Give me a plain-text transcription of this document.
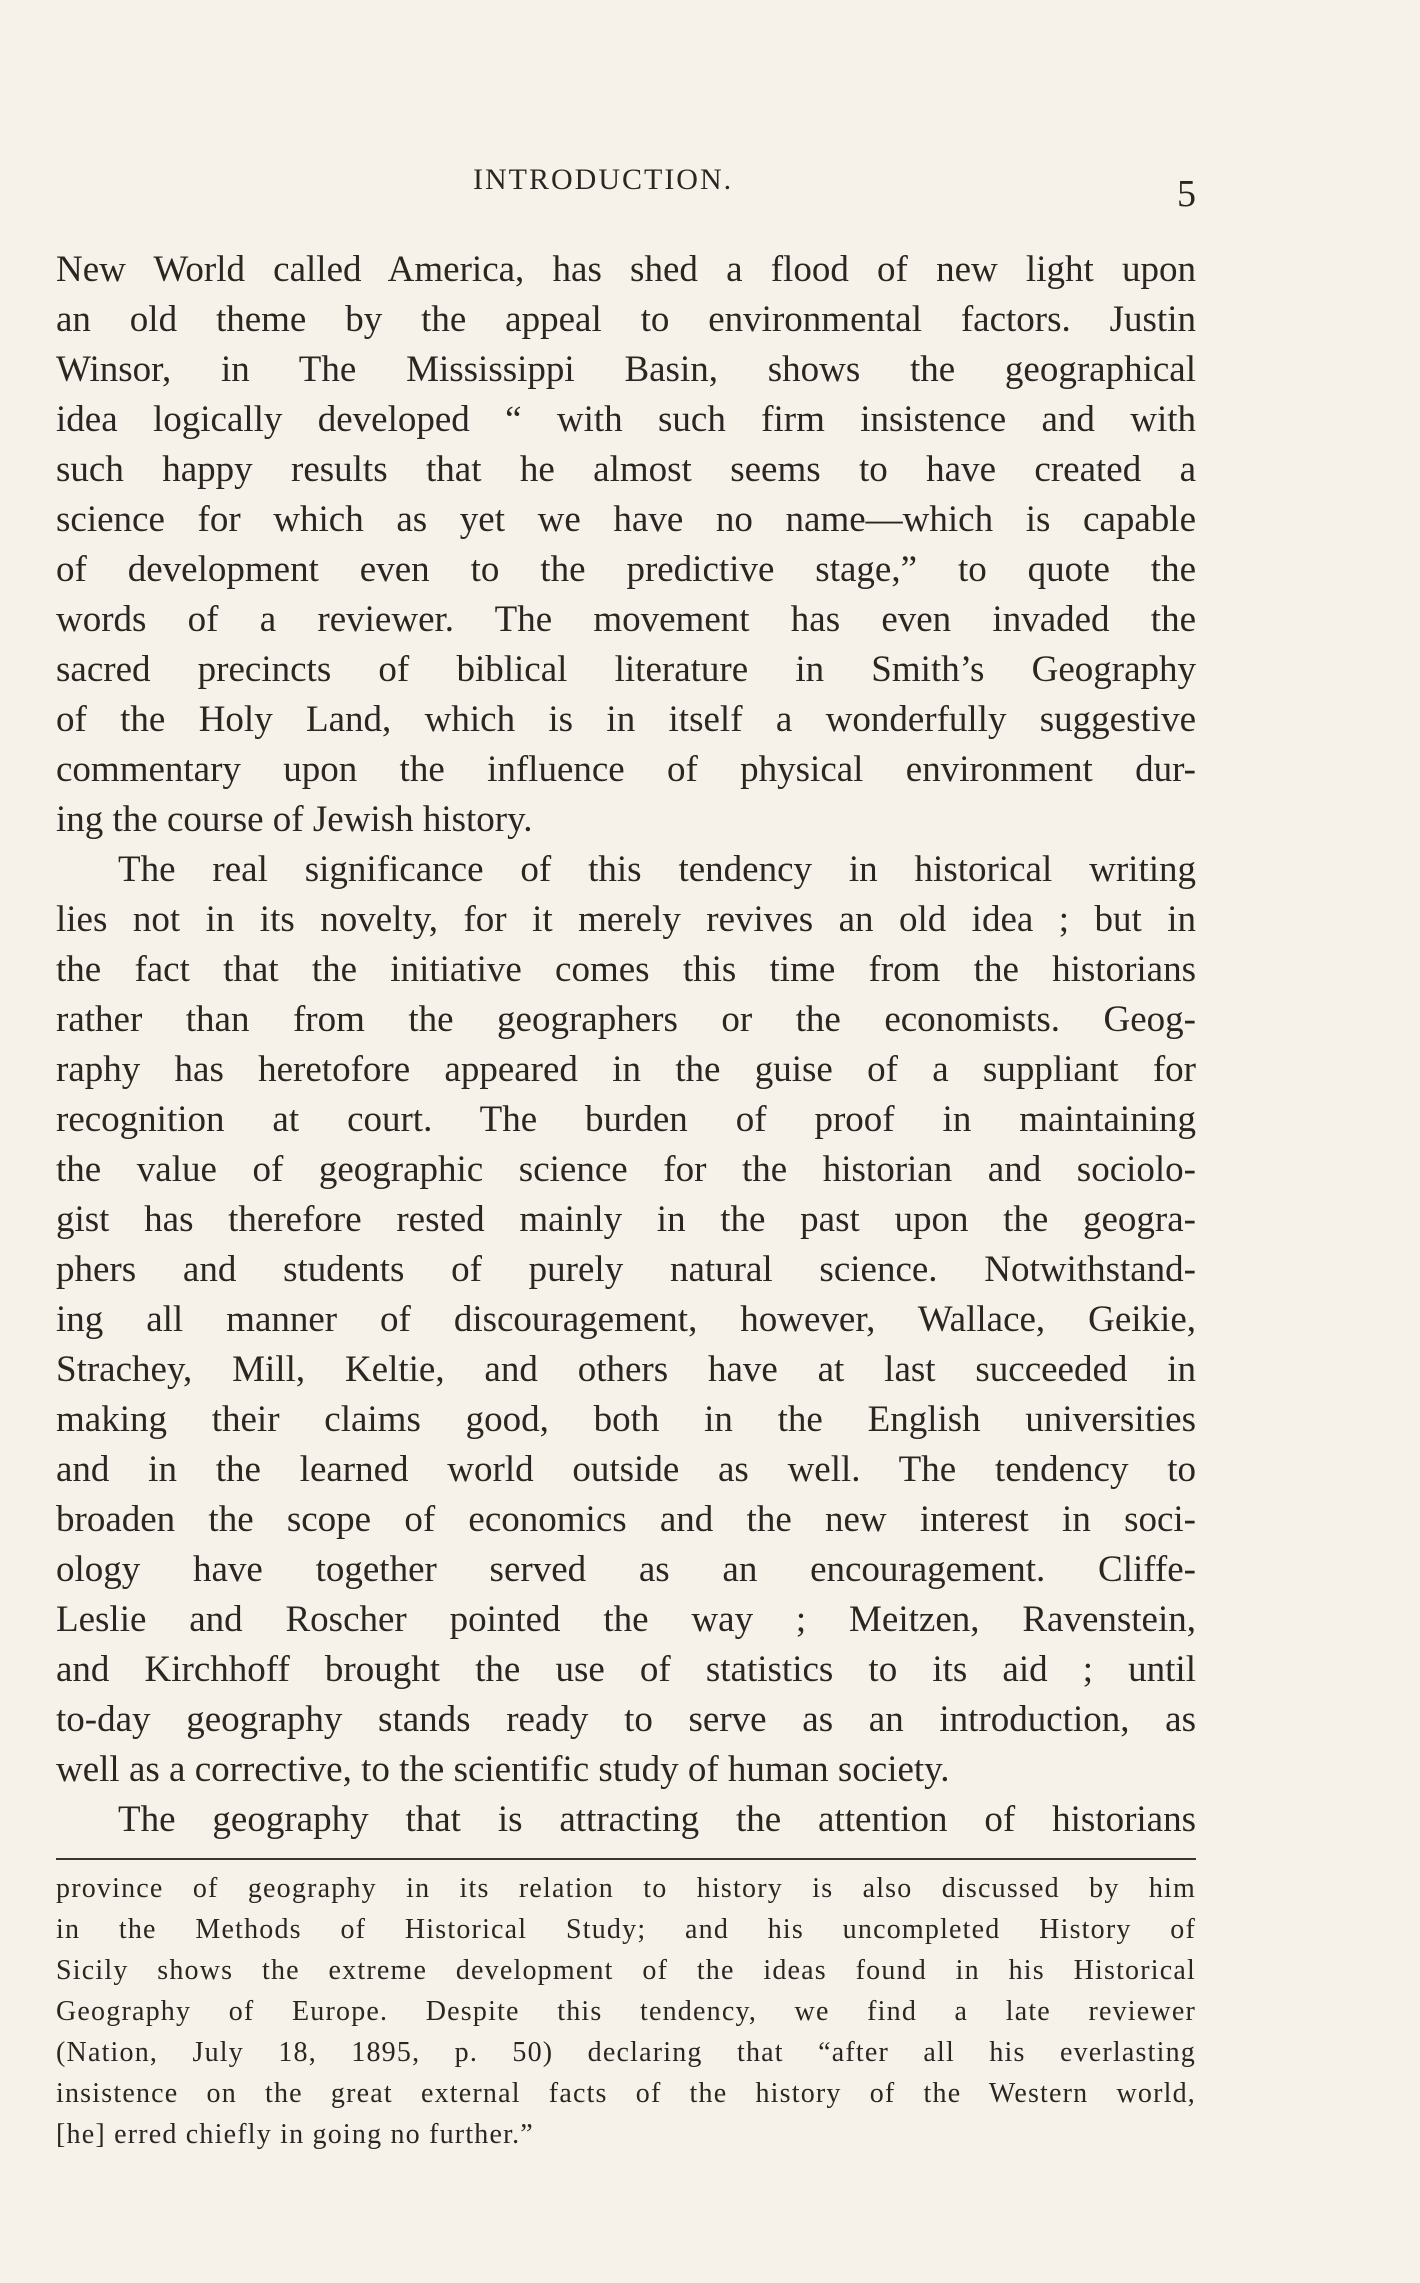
INTRODUCTION.	5
New World called America, has shed a flood of new light upon
an old theme by the appeal to environmental factors. Justin
Winsor, in The Mississippi Basin, shows the geographical
idea logically developed “ with such firm insistence and with
such happy results that he almost seems to have created a
science for which as yet we have no name—which is capable
of development even to the predictive stage,” to quote the
words of a reviewer. The movement has even invaded the
sacred precincts of biblical literature in Smith’s Geography
of the Holy Land, which is in itself a wonderfully suggestive
commentary upon the influence of physical environment dur-
ing the course of Jewish history.
The real significance of this tendency in historical writing
lies not in its novelty, for it merely revives an old idea ; but in
the fact that the initiative comes this time from the historians
rather than from the geographers or the economists. Geog-
raphy has heretofore appeared in the guise of a suppliant for
recognition at court. The burden of proof in maintaining
the value of geographic science for the historian and sociolo-
gist has therefore rested mainly in the past upon the geogra-
phers and students of purely natural science. Notwithstand-
ing all manner of discouragement, however, Wallace, Geikie,
Strachey, Mill, Keltie, and others have at last succeeded in
making their claims good, both in the English universities
and in the learned world outside as well. The tendency to
broaden the scope of economics and the new interest in soci-
ology have together served as an encouragement. Cliffe-
Leslie and Roscher pointed the way ; Meitzen, Ravenstein,
and Kirchhoff brought the use of statistics to its aid ; until
to-day geography stands ready to serve as an introduction, as
well as a corrective, to the scientific study of human society.
The geography that is attracting the attention of historians
province of geography in its relation to history is also discussed by him
in the Methods of Historical Study; and his uncompleted History of
Sicily shows the extreme development of the ideas found in his Historical
Geography of Europe. Despite this tendency, we find a late reviewer
(Nation, July 18, 1895, p. 50) declaring that “after all his everlasting
insistence on the great external facts of the history of the Western world,
[he] erred chiefly in going no further.”
